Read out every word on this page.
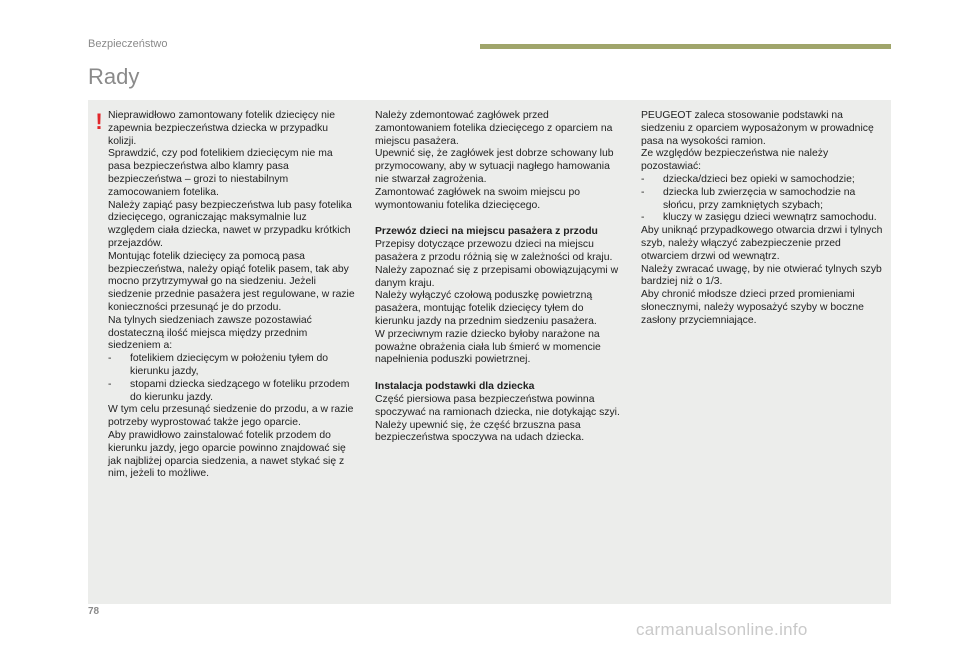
Bezpieczeństwo
Rady
! Nieprawidłowo zamontowany fotelik dziecięcy nie zapewnia bezpieczeństwa dziecka w przypadku kolizji.

Sprawdzić, czy pod fotelikiem dziecięcym nie ma pasa bezpieczeństwa albo klamry pasa bezpieczeństwa – grozi to niestabilnym zamocowaniem fotelika.

Należy zapiąć pasy bezpieczeństwa lub pasy fotelika dziecięcego, ograniczając maksymalnie luz względem ciała dziecka, nawet w przypadku krótkich przejazdów.

Montując fotelik dziecięcy za pomocą pasa bezpieczeństwa, należy opiąć fotelik pasem, tak aby mocno przytrzymywał go na siedzeniu. Jeżeli siedzenie przednie pasażera jest regulowane, w razie konieczności przesunąć je do przodu.

Na tylnych siedzeniach zawsze pozostawiać dostateczną ilość miejsca między przednim siedzeniem a:

- fotelikiem dziecięcym w położeniu tyłem do kierunku jazdy,
- stopami dziecka siedzącego w foteliku przodem do kierunku jazdy.

W tym celu przesunąć siedzenie do przodu, a w razie potrzeby wyprostować także jego oparcie.

Aby prawidłowo zainstalować fotelik przodem do kierunku jazdy, jego oparcie powinno znajdować się jak najbliżej oparcia siedzenia, a nawet stykać się z nim, jeżeli to możliwe.

Należy zdemontować zagłówek przed zamontowaniem fotelika dziecięcego z oparciem na miejscu pasażera.

Upewnić się, że zagłówek jest dobrze schowany lub przymocowany, aby w sytuacji nagłego hamowania nie stwarzał zagrożenia.

Zamontować zagłówek na swoim miejscu po wymontowaniu fotelika dziecięcego.

Przewóz dzieci na miejscu pasażera z przodu

Przepisy dotyczące przewozu dzieci na miejscu pasażera z przodu różnią się w zależności od kraju. Należy zapoznać się z przepisami obowiązującymi w danym kraju.

Należy wyłączyć czołową poduszkę powietrzną pasażera, montując fotelik dziecięcy tyłem do kierunku jazdy na przednim siedzeniu pasażera.

W przeciwnym razie dziecko byłoby narażone na poważne obrażenia ciała lub śmierć w momencie napełnienia poduszki powietrznej.

Instalacja podstawki dla dziecka

Część piersiowa pasa bezpieczeństwa powinna spoczywać na ramionach dziecka, nie dotykając szyi.

Należy upewnić się, że część brzuszna pasa bezpieczeństwa spoczywa na udach dziecka.

PEUGEOT zaleca stosowanie podstawki na siedzeniu z oparciem wyposażonym w prowadnicę pasa na wysokości ramion.

Ze względów bezpieczeństwa nie należy pozostawiać:

- dziecka/dzieci bez opieki w samochodzie;
- dziecka lub zwierzęcia w samochodzie na słońcu, przy zamkniętych szybach;
- kluczy w zasięgu dzieci wewnątrz samochodu.

Aby uniknąć przypadkowego otwarcia drzwi i tylnych szyb, należy włączyć zabezpieczenie przed otwarciem drzwi od wewnątrz.

Należy zwracać uwagę, by nie otwierać tylnych szyb bardziej niż o 1/3.

Aby chronić młodsze dzieci przed promieniami słonecznymi, należy wyposażyć szyby w boczne zasłony przyciemniające.

78
carmanualsonline.info
